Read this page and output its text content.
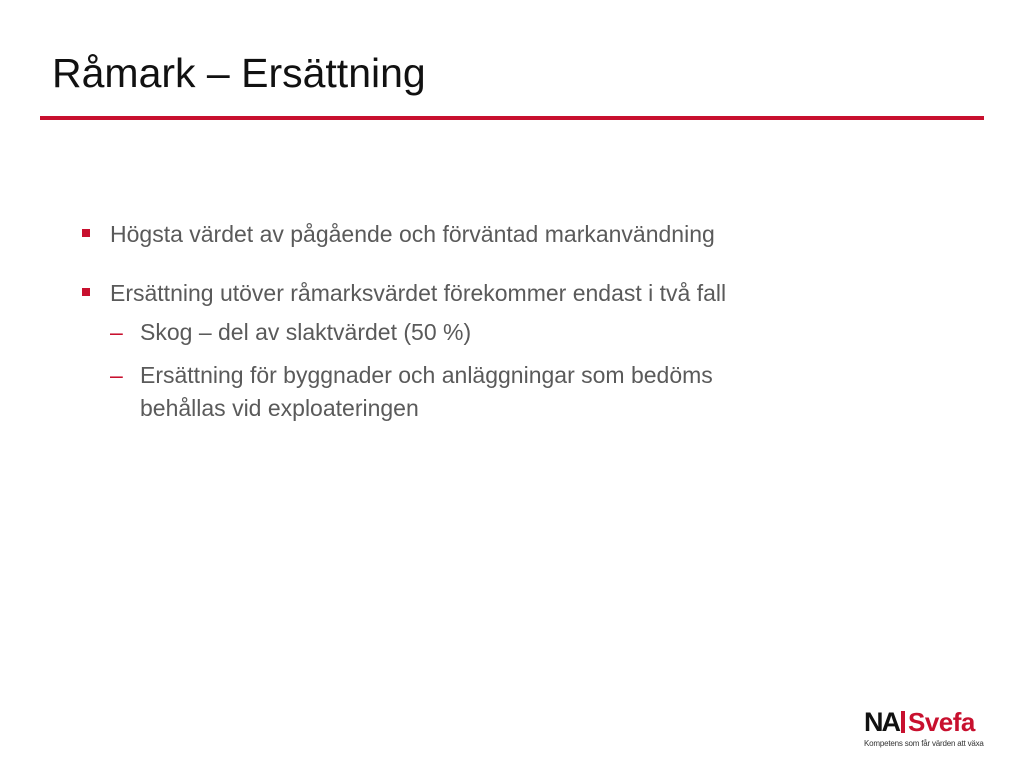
Råmark – Ersättning
Högsta värdet av pågående och förväntad markanvändning
Ersättning utöver råmarksvärdet förekommer endast i två fall
– Skog – del av slaktvärdet (50 %)
– Ersättning för byggnader och anläggningar som bedöms behållas vid exploateringen
NA Svefa
Kompetens som får värden att växa
